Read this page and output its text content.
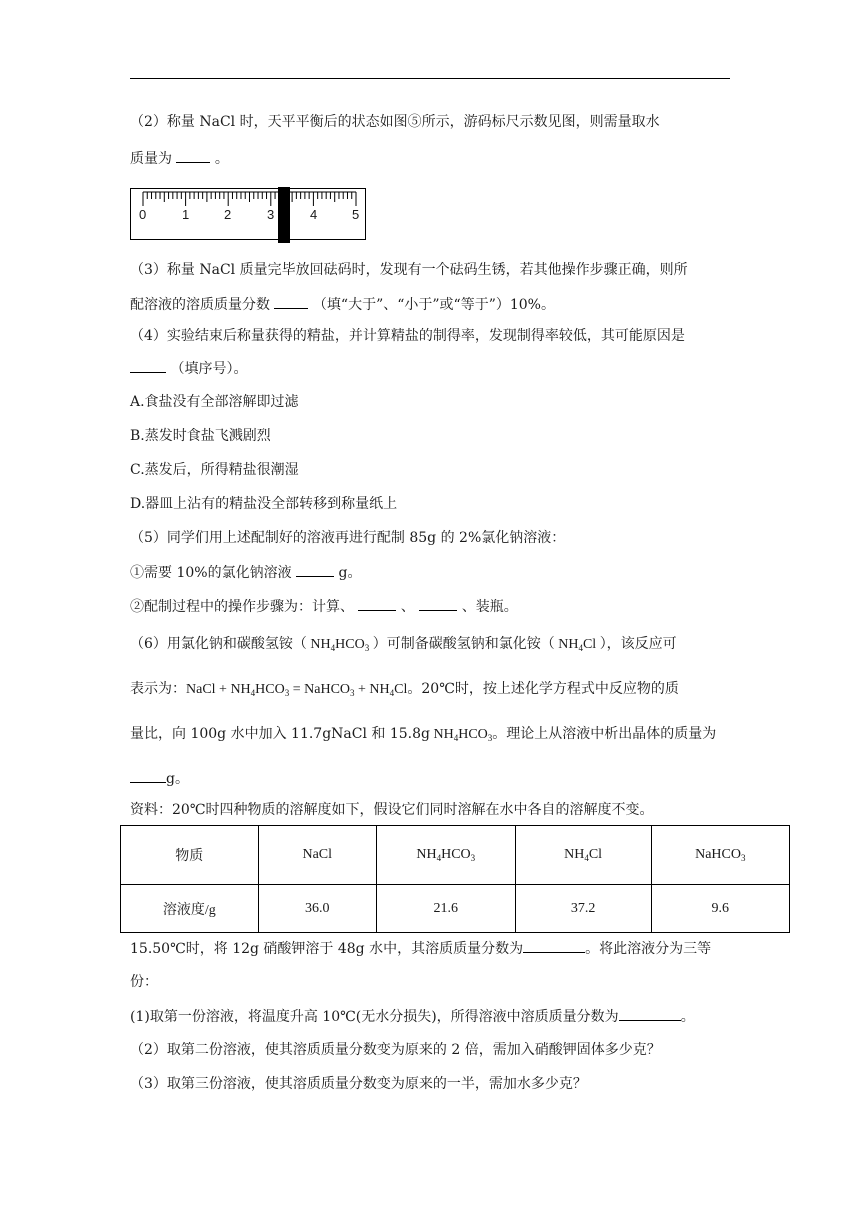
（2）称量 NaCl 时，天平平衡后的状态如图⑤所示，游码标尺示数见图，则需量取水
质量为	。
0	1	2	3	4	5
（3）称量 NaCl 质量完毕放回砝码时，发现有一个砝码生锈，若其他操作步骤正确，则所
配溶液的溶质质量分数	（填“大于”、“小于”或“等于”）10%。
（4）实验结束后称量获得的精盐，并计算精盐的制得率，发现制得率较低，其可能原因是
（填序号）。
A.食盐没有全部溶解即过滤
B.蒸发时食盐飞溅剧烈
C.蒸发后，所得精盐很潮湿
D.器皿上沾有的精盐没全部转移到称量纸上
（5）同学们用上述配制好的溶液再进行配制 85g 的 2%氯化钠溶液：
①需要 10%的氯化钠溶液	g。
②配制过程中的操作步骤为：计算、	、	、装瓶。
（6）用氯化钠和碳酸氢铵（ $NH_4HCO_3$ ）可制备碳酸氢钠和氯化铵（ $NH_4Cl$ ），该反应可
表示为：NaCl + $NH_4HCO_3$ = NaHCO$_3$ + $NH_4Cl$。20℃时，按上述化学方程式中反应物的质
量比，向 100g 水中加入 11.7gNaCl 和 15.8g $NH_4HCO_3$。理论上从溶液中析出晶体的质量为
g。
资料：20℃时四种物质的溶解度如下，假设它们同时溶解在水中各自的溶解度不变。
物质	NaCl	$NH_4HCO_3$	$NH_4Cl$	NaHCO$_3$
溶液度/g	36.0	21.6	37.2	9.6
15.50℃时，将 12g 硝酸钾溶于 48g 水中，其溶质质量分数为	。将此溶液分为三等
份：
(1)取第一份溶液，将温度升高 10℃(无水分损失)，所得溶液中溶质质量分数为	。
（2）取第二份溶液，使其溶质质量分数变为原来的 2 倍，需加入硝酸钾固体多少克？
（3）取第三份溶液，使其溶质质量分数变为原来的一半，需加水多少克？
